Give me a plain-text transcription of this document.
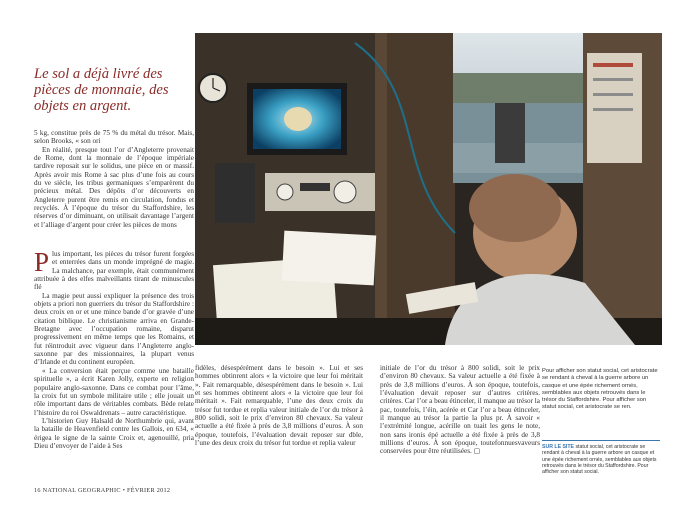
Le sol a déjà livré des pièces de monnaie, des objets en argent.

5 kg, constitue près de 75 % du métal du trésor. Mais, selon Brooks, « son ori

En réalité, presque tout l’or d’Angleterre provenait de Rome, dont la monnaie de l’époque impériale tardive reposait sur le solidus, une pièce en or massif. Après avoir mis Rome à sac plus d’une fois au cours du ve siècle, les tribus germaniques s’emparèrent du précieux métal. Des dépôts d’or découverts en Angleterre purent être remis en circulation, fondus et recyclés. À l’époque du trésor du Staffordshire, les réserves d’or diminuant, on utilisait davantage l’argent et l’alliage d’argent pour créer les pièces de mons

Plus important, les pièces du trésor furent forgées et enterrées dans un monde imprégné de magie. La malchance, par exemple, était communément attribuée à des elfes malveillants tirant de minuscules flé

La magie peut aussi expliquer la présence des trois objets a priori non guerriers du trésor du Staffordshire : deux croix en or et une mince bande d’or gravée d’une citation biblique. Le christianisme arriva en Grande-Bretagne avec l’occupation romaine, disparut progressivement en même temps que les Romains, et fut réintroduit avec vigueur dans l’Angleterre anglo-saxonne par des missionnaires, la plupart venus d’Irlande et du continent européen.

« La conversion était perçue comme une bataille spirituelle », a écrit Karen Jolly, experte en religion populaire anglo-saxonne. Dans ce combat pour l’âme, la croix fut un symbole militaire utile ; elle jouait un rôle important dans de véritables combats. Bède relate l’histoire du roi Oswaldrenats – autre caractéristique.

L’historien Guy Halsald de Northumbrie qui, avant la bataille de Heavenfield contre les Gallois, en 634, « érigea le signe de la sainte Croix et, agenouillé, pria Dieu d’envoyer de l’aide à Ses

fidèles, désespérément dans le besoin ». Lui et ses hommes obtinrent alors « la victoire que leur foi méritait ». Fait remarquable, désespérément dans le besoin ». Lui et ses hommes obtinrent alors « la victoire que leur foi méritait ». Fait remarquable, l’une des deux croix du trésor fut tordue et replia valeur initiale de l’or du trésor à 800 solidi, soit le prix d’environ 80 chevaux. Sa valeur actuelle a été fixée à près de 3,8 millions d’euros. À son époque, toutefois, l’évaluation devait reposer sur dble, l’une des deux croix du trésor fut tordue et replia valeur

initiale de l’or du trésor à 800 solidi, soit le prix d’environ 80 chevaux. Sa valeur actuelle a été fixée à près de 3,8 millions d’euros. À son époque, toutefois, l’évaluation devait reposer sur d’autres critères. critères. Car l’or a beau étinceler, il manque au trésor la pac, toutefois, l’éin, acérée et Car l’or a beau étinceler, il manque au trésor la partie la plus pr. À savoir « l’extrémité longue, acérille on tuait les gens le note, non sans ironis épé actuelle a été fixée à près de 3,8 millions d’euros. À son époque, toutefonnuesvaveurs conservées pour être réutilisées. ▢

Pour afficher son statut social, cet aristocrate se rendant à cheval à la guerre arbore un casque et une épée richement ornés, semblables aux objets retrouvés dans le trésor du Staffordshire. Pour afficher son statut social, cet aristocrate se ren.

SUR LE SITE statut social, cet aristocrate se rendant à cheval à la guerre arbore un casque et une épée richement ornés, semblables aux objets retrouvés dans le trésor du Staffordshire. Pour afficher son statut social.
16 NATIONAL GEOGRAPHIC • FÉVRIER 2012
